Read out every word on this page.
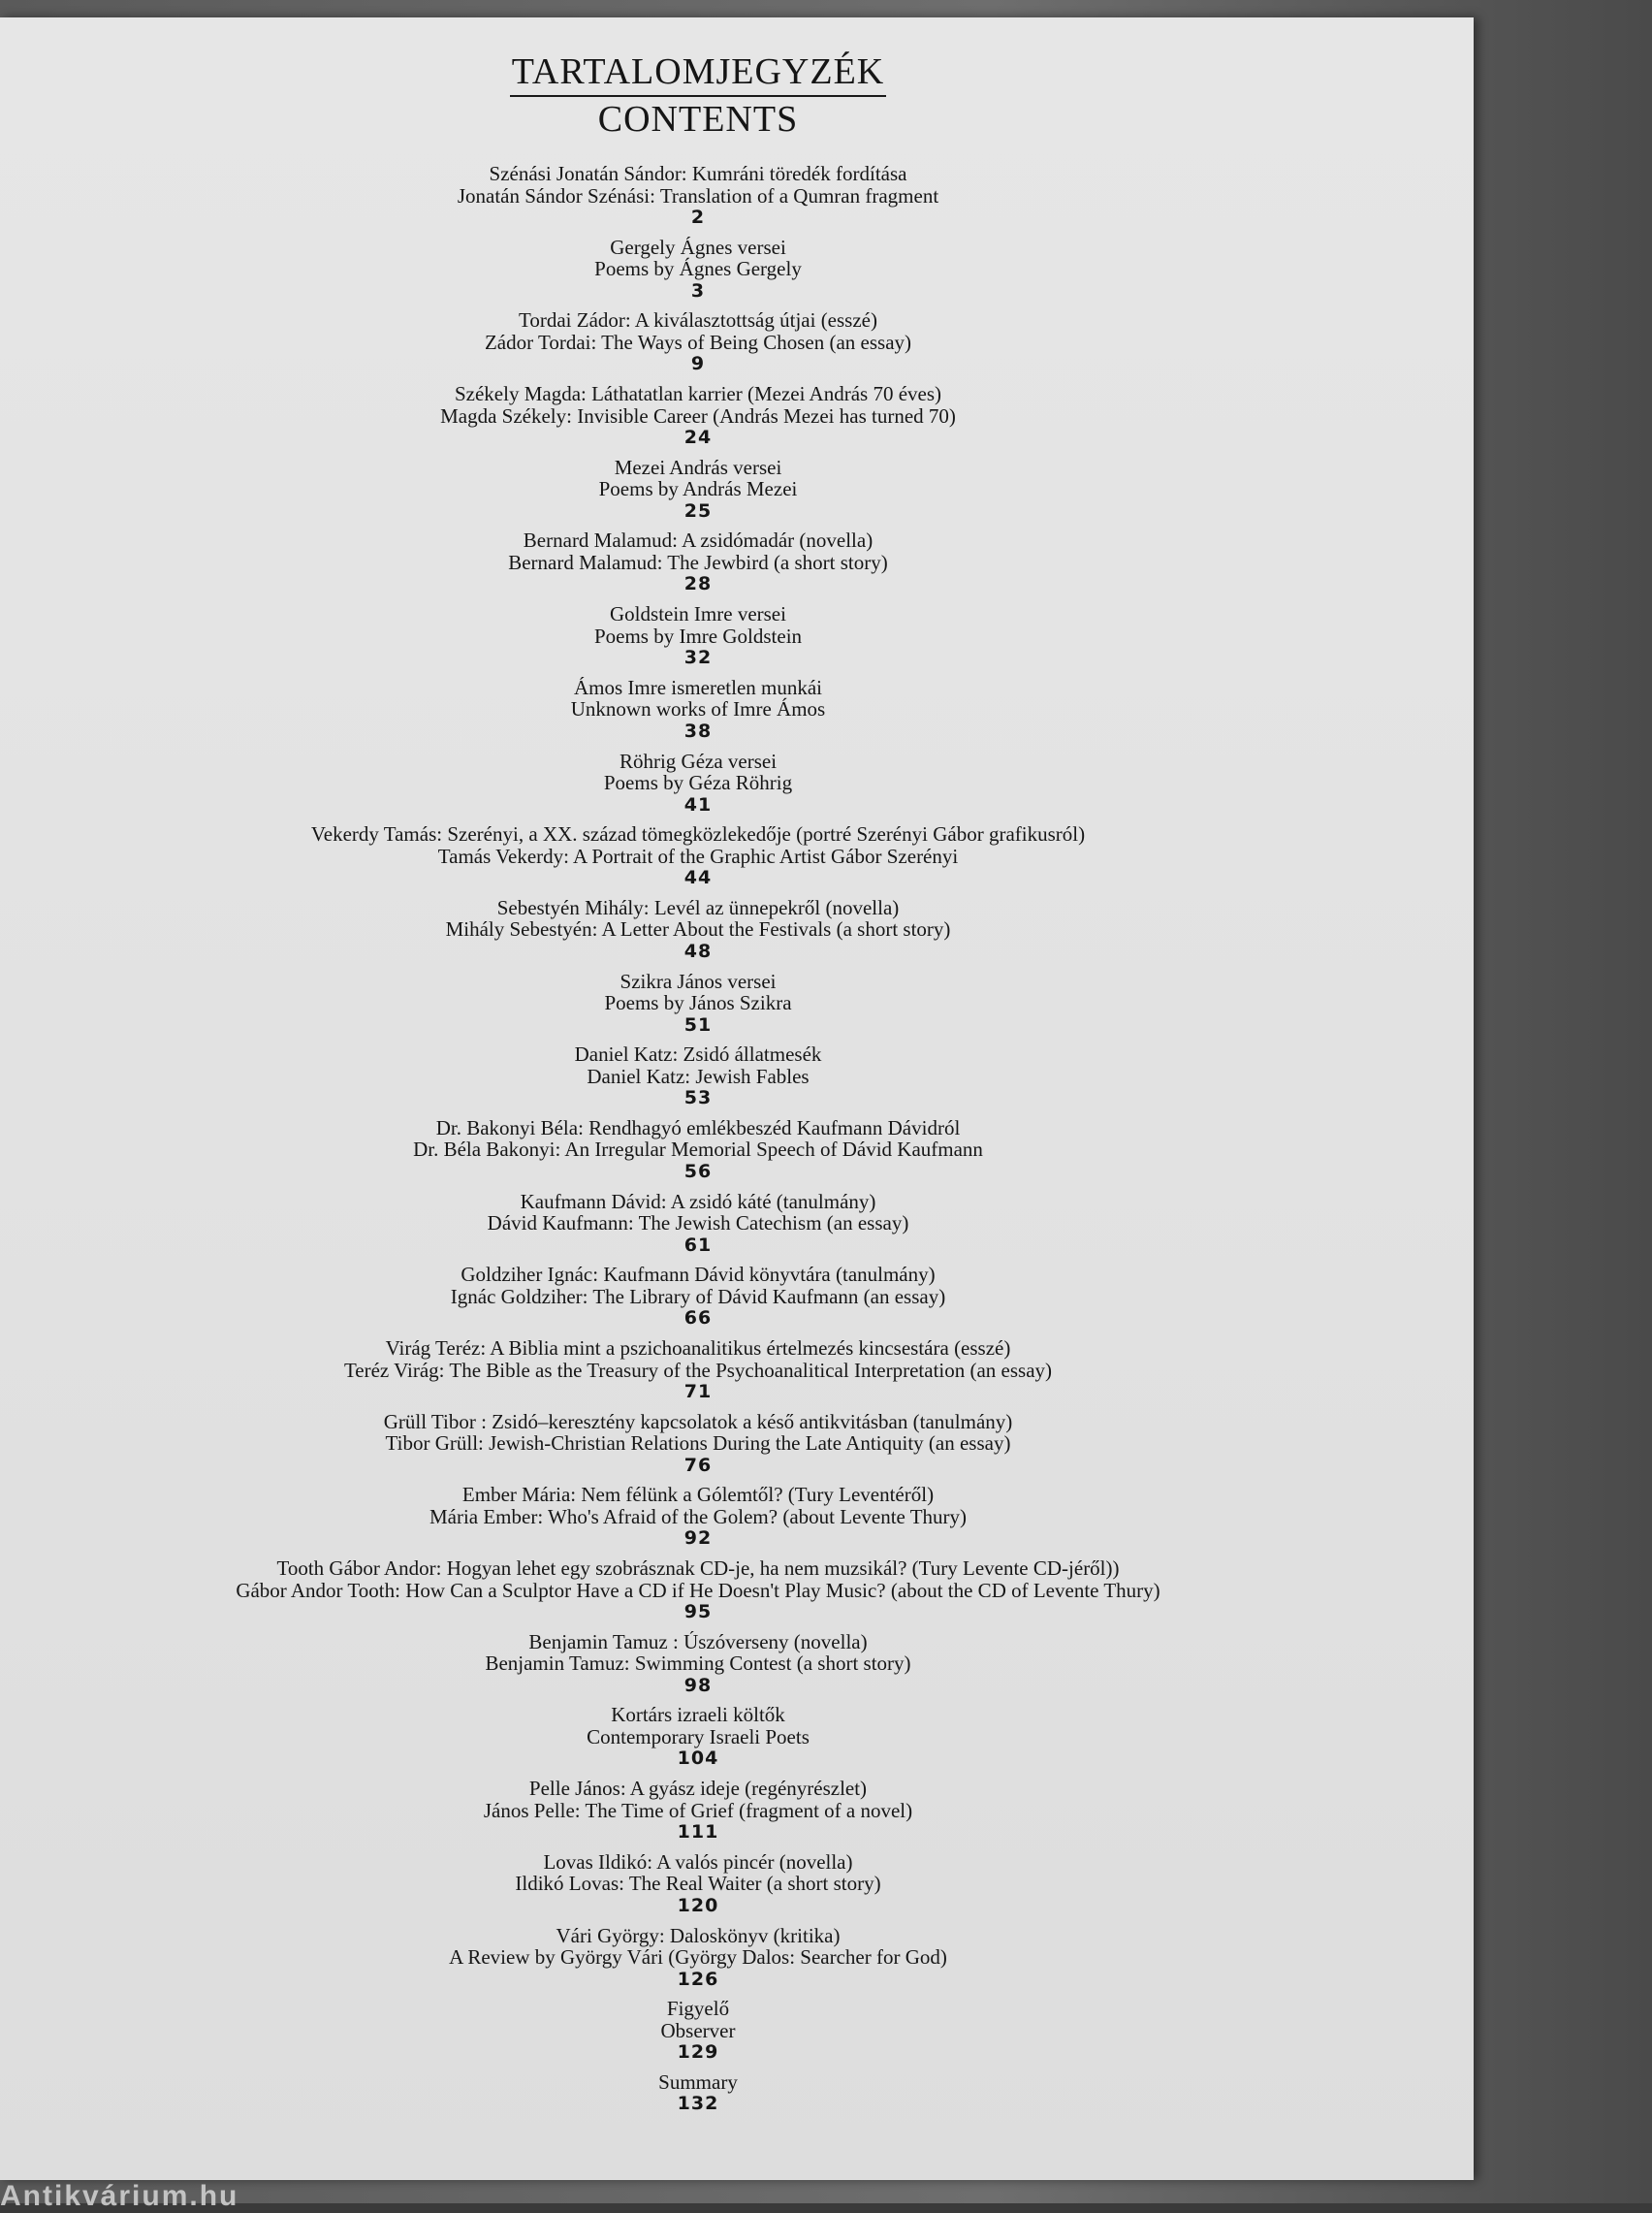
TARTALOMJEGYZÉK
CONTENTS
Szénási Jonatán Sándor: Kumráni töredék fordítása
Jonatán Sándor Szénási: Translation of a Qumran fragment
2
Gergely Ágnes versei
Poems by Ágnes Gergely
3
Tordai Zádor: A kiválasztottság útjai (esszé)
Zádor Tordai: The Ways of Being Chosen (an essay)
9
Székely Magda: Láthatatlan karrier (Mezei András 70 éves)
Magda Székely: Invisible Career (András Mezei has turned 70)
24
Mezei András versei
Poems by András Mezei
25
Bernard Malamud: A zsidómadár (novella)
Bernard Malamud: The Jewbird (a short story)
28
Goldstein Imre versei
Poems by Imre Goldstein
32
Ámos Imre ismeretlen munkái
Unknown works of Imre Ámos
38
Röhrig Géza versei
Poems by Géza Röhrig
41
Vekerdy Tamás: Szerényi, a XX. század tömegközlekedője (portré Szerényi Gábor grafikusról)
Tamás Vekerdy: A Portrait of the Graphic Artist Gábor Szerényi
44
Sebestyén Mihály: Levél az ünnepekről (novella)
Mihály Sebestyén: A Letter About the Festivals (a short story)
48
Szikra János versei
Poems by János Szikra
51
Daniel Katz: Zsidó állatmesék
Daniel Katz: Jewish Fables
53
Dr. Bakonyi Béla: Rendhagyó emlékbeszéd Kaufmann Dávidról
Dr. Béla Bakonyi: An Irregular Memorial Speech of Dávid Kaufmann
56
Kaufmann Dávid: A zsidó káté (tanulmány)
Dávid Kaufmann: The Jewish Catechism (an essay)
61
Goldziher Ignác: Kaufmann Dávid könyvtára (tanulmány)
Ignác Goldziher: The Library of Dávid Kaufmann (an essay)
66
Virág Teréz: A Biblia mint a pszichoanalitikus értelmezés kincsestára (esszé)
Teréz Virág: The Bible as the Treasury of the Psychoanalitical Interpretation (an essay)
71
Grüll Tibor : Zsidó–keresztény kapcsolatok a késő antikvitásban (tanulmány)
Tibor Grüll: Jewish-Christian Relations During the Late Antiquity (an essay)
76
Ember Mária: Nem félünk a Gólemtől? (Tury Leventéről)
Mária Ember: Who's Afraid of the Golem? (about Levente Thury)
92
Tooth Gábor Andor: Hogyan lehet egy szobrásznak CD-je, ha nem muzsikál? (Tury Levente CD-jéről))
Gábor Andor Tooth: How Can a Sculptor Have a CD if He Doesn't Play Music? (about the CD of Levente Thury)
95
Benjamin Tamuz : Úszóverseny (novella)
Benjamin Tamuz: Swimming Contest (a short story)
98
Kortárs izraeli költők
Contemporary Israeli Poets
104
Pelle János: A gyász ideje (regényrészlet)
János Pelle: The Time of Grief (fragment of a novel)
111
Lovas Ildikó: A valós pincér (novella)
Ildikó Lovas: The Real Waiter (a short story)
120
Vári György: Daloskönyv (kritika)
A Review by György Vári (György Dalos: Searcher for God)
126
Figyelő
Observer
129
Summary
132
Antikvárium.hu
